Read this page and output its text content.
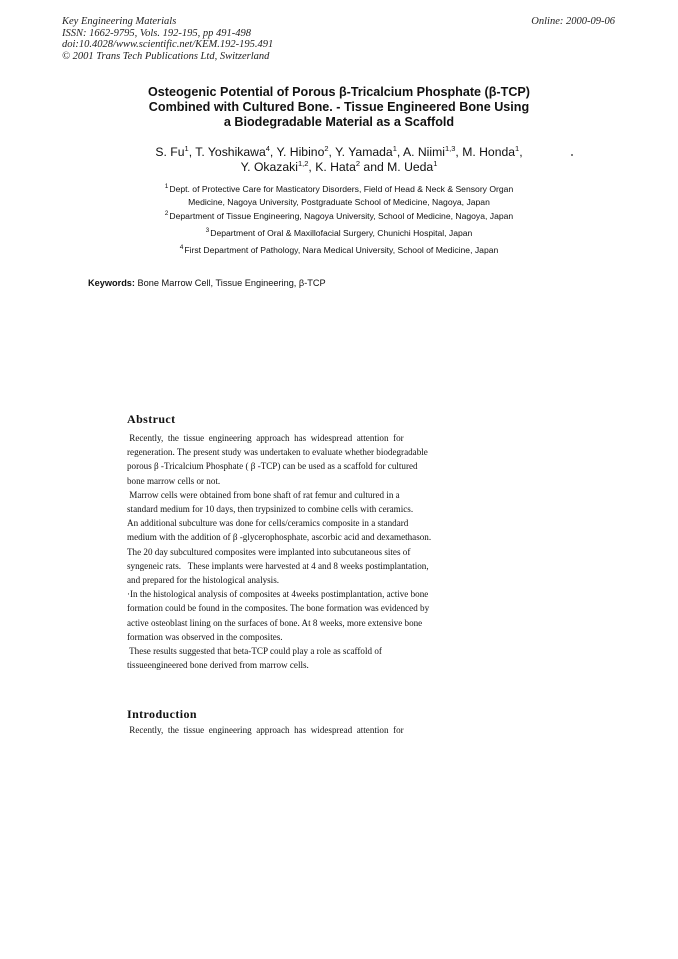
Key Engineering Materials
ISSN: 1662-9795, Vols. 192-195, pp 491-498
doi:10.4028/www.scientific.net/KEM.192-195.491
© 2001 Trans Tech Publications Ltd, Switzerland
Online: 2000-09-06
Osteogenic Potential of Porous β-Tricalcium Phosphate (β-TCP)
Combined with Cultured Bone. - Tissue Engineered Bone Using
a Biodegradable Material as a Scaffold
S. Fu$^1$, T. Yoshikawa$^4$, Y. Hibino$^2$, Y. Yamada$^1$, A. Niimi$^{1,3}$, M. Honda$^1$,
Y. Okazaki$^{1,2}$, K. Hata$^2$ and M. Ueda$^1$
$^1$Dept. of Protective Care for Masticatory Disorders, Field of Head & Neck & Sensory Organ
Medicine, Nagoya University, Postgraduate School of Medicine, Nagoya, Japan
$^2$Department of Tissue Engineering, Nagoya University, School of Medicine, Nagoya, Japan
$^3$Department of Oral & Maxillofacial Surgery, Chunichi Hospital, Japan
$^4$First Department of Pathology, Nara Medical University, School of Medicine, Japan
Keywords: Bone Marrow Cell, Tissue Engineering, β-TCP
Abstruct
Recently,  the  tissue  engineering  approach  has  widespread  attention  for
regeneration. The present study was undertaken to evaluate whether biodegradable
porous β -Tricalcium Phosphate ( β -TCP) can be used as a scaffold for cultured
bone marrow cells or not.
Marrow cells were obtained from bone shaft of rat femur and cultured in a
standard medium for 10 days, then trypsinized to combine cells with ceramics.
An additional subculture was done for cells/ceramics composite in a standard
medium with the addition of β -glycerophosphate, ascorbic acid and dexamethason.
The 20 day subcultured composites were implanted into subcutaneous sites of
syngeneic rats.   These implants were harvested at 4 and 8 weeks postimplantation,
and prepared for the histological analysis.
·In the histological analysis of composites at 4weeks postimplantation, active bone
formation could be found in the composites. The bone formation was evidenced by
active osteoblast lining on the surfaces of bone. At 8 weeks, more extensive bone
formation was observed in the composites.
These results suggested that beta-TCP could play a role as scaffold of
tissueengineered bone derived from marrow cells.
Introduction
Recently,  the  tissue  engineering  approach  has  widespread  attention  for
